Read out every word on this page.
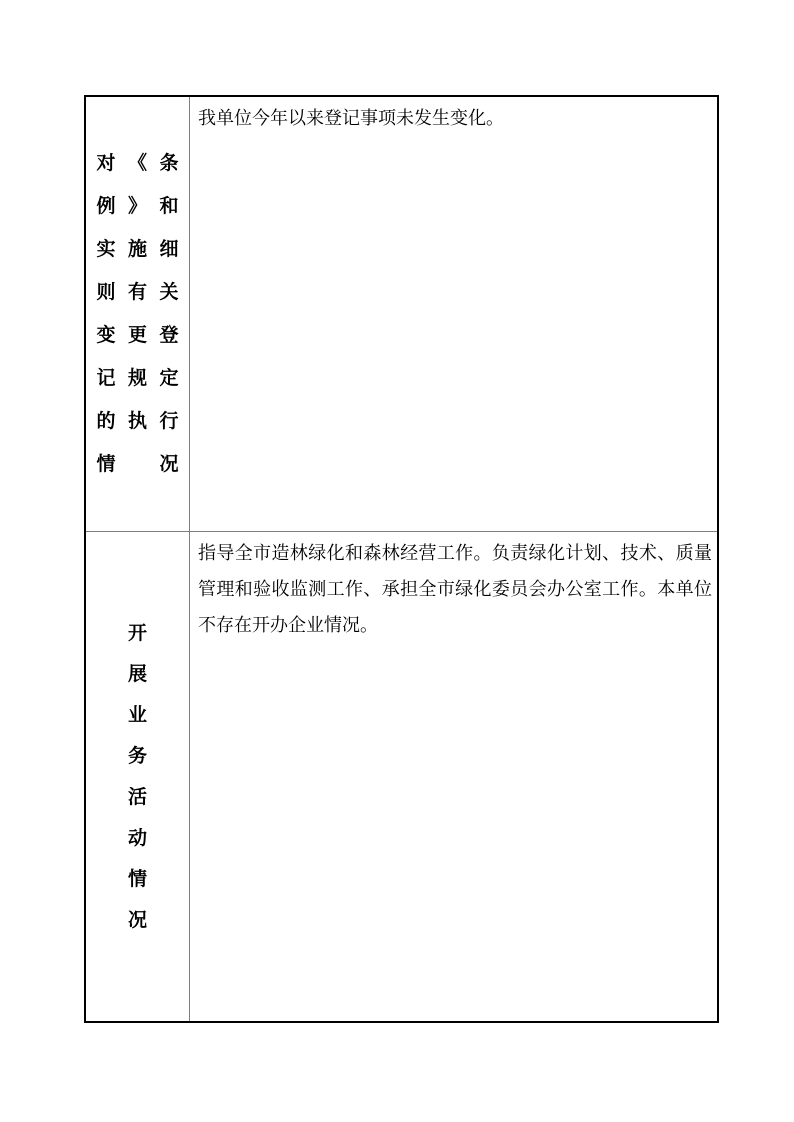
对《条
例》和
实施细
则有关
变更登
记规定
的执行
情况

我单位今年以来登记事项未发生变化。

开
展
业
务
活
动
情
况
指导全市造林绿化和森林经营工作。负责绿化计划、技术、质量
管理和验收监测工作、承担全市绿化委员会办公室工作。本单位
不存在开办企业情况。
